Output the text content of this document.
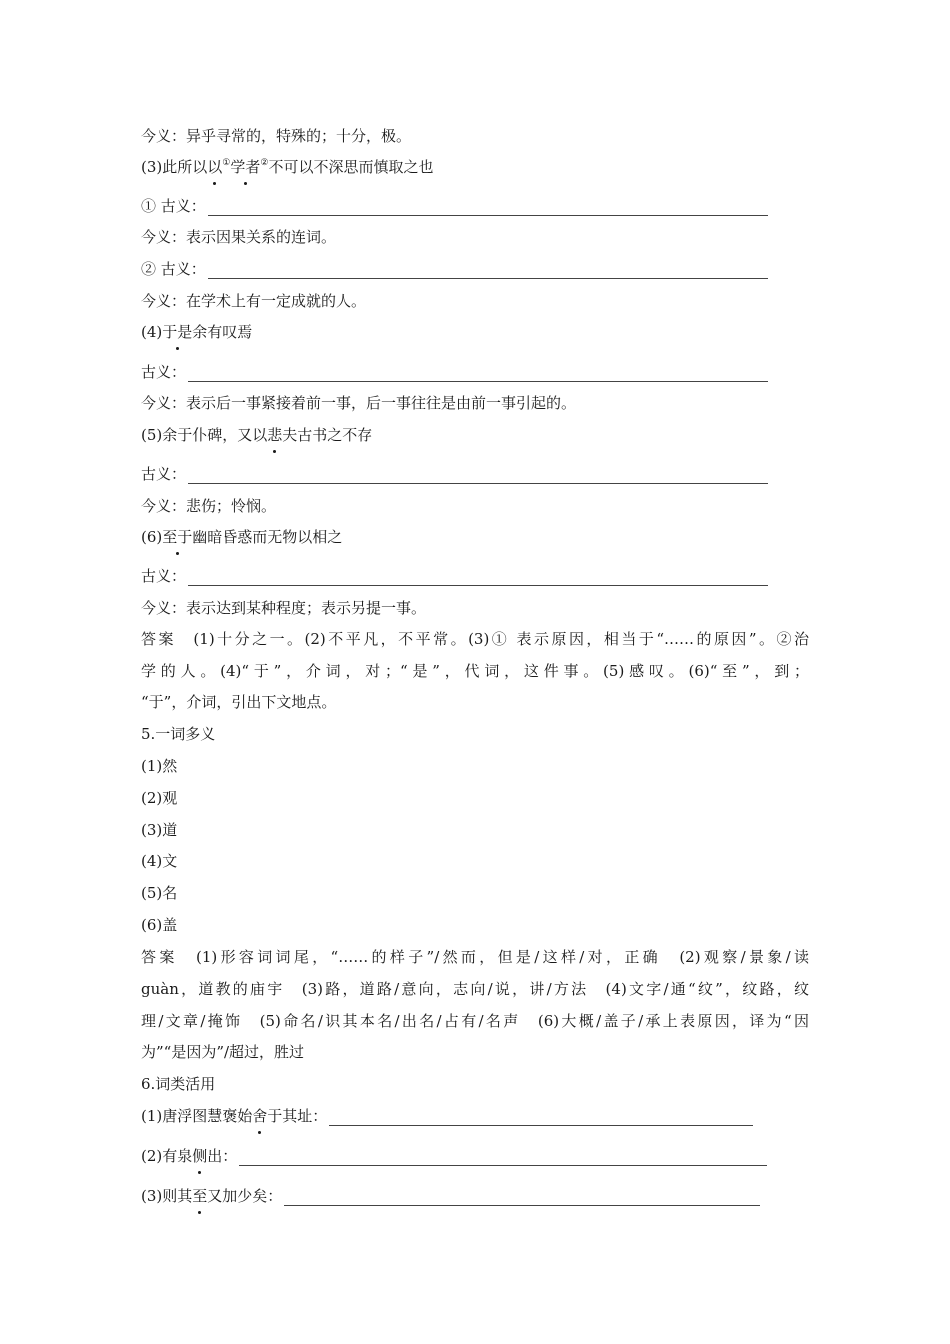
今义：异乎寻常的，特殊的；十分，极。
(3)此所以以①学者②不可以不深思而慎取之也
① 古义：
今义：表示因果关系的连词。
② 古义：
今义：在学术上有一定成就的人。
(4)于是余有叹焉
古义：
今义：表示后一事紧接着前一事，后一事往往是由前一事引起的。
(5)余于仆碑，又以悲夫古书之不存
古义：
今义：悲伤；怜悯。
(6)至于幽暗昏惑而无物以相之
古义：
今义：表示达到某种程度；表示另提一事。
答案　(1)十分之一。(2)不平凡，不平常。(3)① 表示原因，相当于“……的原因”。②治
学的人。(4)“于”，介词，对；“是”，代词，这件事。(5)感叹。(6)“至”，到；
“于”，介词，引出下文地点。
5.一词多义
(1)然
(2)观
(3)道
(4)文
(5)名
(6)盖
答案　(1)形容词词尾，“……的样子”/然而，但是/这样/对，正确　(2)观察/景象/读
guàn，道教的庙宇　(3)路，道路/意向，志向/说，讲/方法　(4)文字/通“纹”，纹路，纹
理/文章/掩饰　(5)命名/识其本名/出名/占有/名声　(6)大概/盖子/承上表原因，译为“因
为”“是因为”/超过，胜过
6.词类活用
(1)唐浮图慧褒始 舍 于其址：
(2)有泉 侧 出：
(3)则其 至 又加少矣：
